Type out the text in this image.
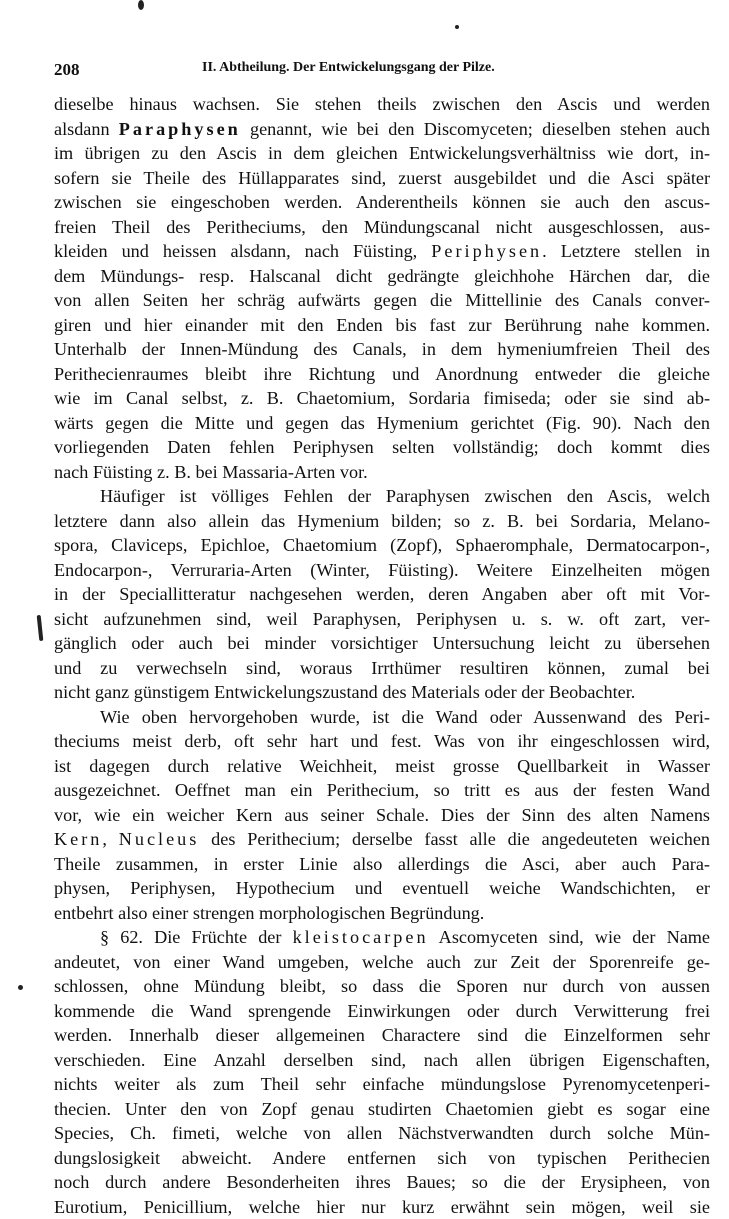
208	II. Abtheilung. Der Entwickelungsgang der Pilze.
dieselbe hinaus wachsen. Sie stehen theils zwischen den Ascis und werden
alsdann Paraphysen genannt, wie bei den Discomyceten; dieselben stehen auch
im übrigen zu den Ascis in dem gleichen Entwickelungsverhältniss wie dort, in-
sofern sie Theile des Hüllapparates sind, zuerst ausgebildet und die Asci später
zwischen sie eingeschoben werden. Anderentheils können sie auch den ascus-
freien Theil des Peritheciums, den Mündungscanal nicht ausgeschlossen, aus-
kleiden und heissen alsdann, nach Füisting, Periphysen. Letztere stellen in
dem Mündungs- resp. Halscanal dicht gedrängte gleichhohe Härchen dar, die
von allen Seiten her schräg aufwärts gegen die Mittellinie des Canals conver-
giren und hier einander mit den Enden bis fast zur Berührung nahe kommen.
Unterhalb der Innen-Mündung des Canals, in dem hymeniumfreien Theil des
Perithecienraumes bleibt ihre Richtung und Anordnung entweder die gleiche
wie im Canal selbst, z. B. Chaetomium, Sordaria fimiseda; oder sie sind ab-
wärts gegen die Mitte und gegen das Hymenium gerichtet (Fig. 90). Nach den
vorliegenden Daten fehlen Periphysen selten vollständig; doch kommt dies
nach Füisting z. B. bei Massaria-Arten vor.
Häufiger ist völliges Fehlen der Paraphysen zwischen den Ascis, welch
letztere dann also allein das Hymenium bilden; so z. B. bei Sordaria, Melano-
spora, Claviceps, Epichloe, Chaetomium (Zopf), Sphaeromphale, Dermatocarpon-,
Endocarpon-, Verruraria-Arten (Winter, Füisting). Weitere Einzelheiten mögen
in der Speciallitteratur nachgesehen werden, deren Angaben aber oft mit Vor-
sicht aufzunehmen sind, weil Paraphysen, Periphysen u. s. w. oft zart, ver-
gänglich oder auch bei minder vorsichtiger Untersuchung leicht zu übersehen
und zu verwechseln sind, woraus Irrthümer resultiren können, zumal bei
nicht ganz günstigem Entwickelungszustand des Materials oder der Beobachter.
Wie oben hervorgehoben wurde, ist die Wand oder Aussenwand des Peri-
theciums meist derb, oft sehr hart und fest. Was von ihr eingeschlossen wird,
ist dagegen durch relative Weichheit, meist grosse Quellbarkeit in Wasser
ausgezeichnet. Oeffnet man ein Perithecium, so tritt es aus der festen Wand
vor, wie ein weicher Kern aus seiner Schale. Dies der Sinn des alten Namens
Kern, Nucleus des Perithecium; derselbe fasst alle die angedeuteten weichen
Theile zusammen, in erster Linie also allerdings die Asci, aber auch Para-
physen, Periphysen, Hypothecium und eventuell weiche Wandschichten, er
entbehrt also einer strengen morphologischen Begründung.
§ 62. Die Früchte der kleistocarpen Ascomyceten sind, wie der Name
andeutet, von einer Wand umgeben, welche auch zur Zeit der Sporenreife ge-
schlossen, ohne Mündung bleibt, so dass die Sporen nur durch von aussen
kommende die Wand sprengende Einwirkungen oder durch Verwitterung frei
werden. Innerhalb dieser allgemeinen Charactere sind die Einzelformen sehr
verschieden. Eine Anzahl derselben sind, nach allen übrigen Eigenschaften,
nichts weiter als zum Theil sehr einfache mündungslose Pyrenomycetenperi-
thecien. Unter den von Zopf genau studirten Chaetomien giebt es sogar eine
Species, Ch. fimeti, welche von allen Nächstverwandten durch solche Mün-
dungslosigkeit abweicht. Andere entfernen sich von typischen Perithecien
noch durch andere Besonderheiten ihres Baues; so die der Erysipheen, von
Eurotium, Penicillium, welche hier nur kurz erwähnt sein mögen, weil sie
